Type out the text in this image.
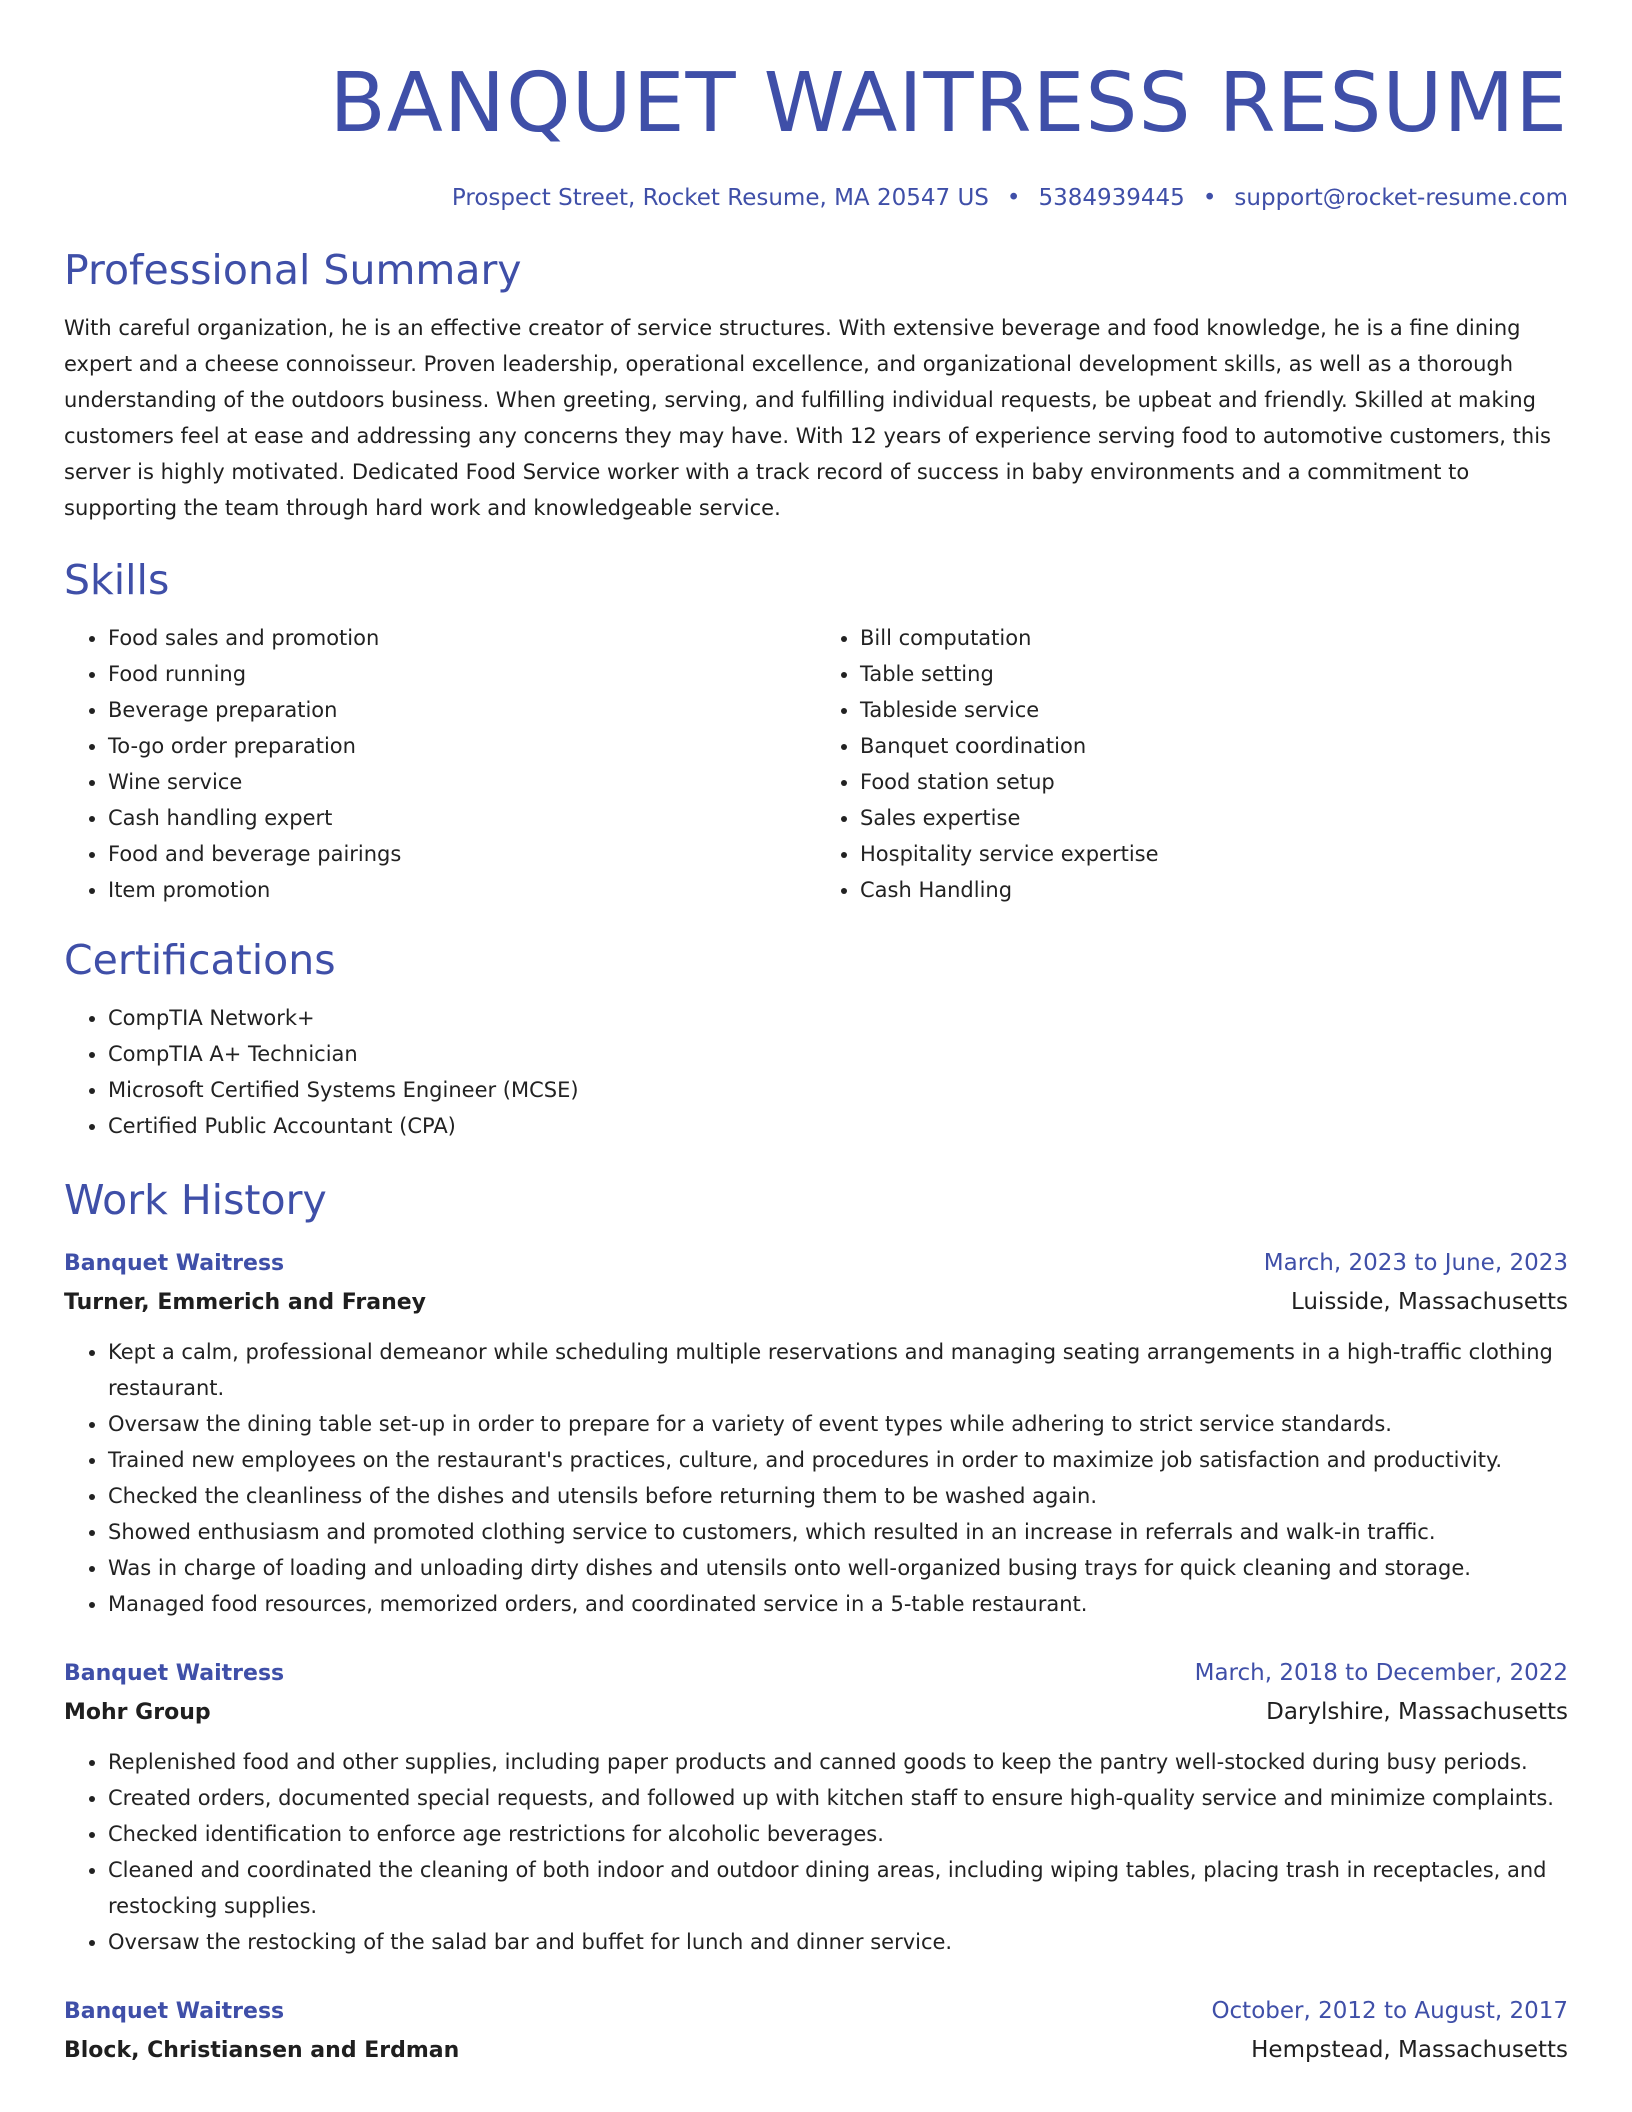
BANQUET WAITRESS RESUME
Prospect Street, Rocket Resume, MA 20547 US • 5384939445 • support@rocket-resume.com
Professional Summary

With careful organization, he is an effective creator of service structures. With extensive beverage and food knowledge, he is a fine dining expert and a cheese connoisseur. Proven leadership, operational excellence, and organizational development skills, as well as a thorough understanding of the outdoors business. When greeting, serving, and fulfilling individual requests, be upbeat and friendly. Skilled at making customers feel at ease and addressing any concerns they may have. With 12 years of experience serving food to automotive customers, this server is highly motivated. Dedicated Food Service worker with a track record of success in baby environments and a commitment to supporting the team through hard work and knowledgeable service.

Skills
• Food sales and promotion
• Food running
• Beverage preparation
• To-go order preparation
• Wine service
• Cash handling expert
• Food and beverage pairings
• Item promotion
• Bill computation
• Table setting
• Tableside service
• Banquet coordination
• Food station setup
• Sales expertise
• Hospitality service expertise
• Cash Handling
Certifications
• CompTIA Network+
• CompTIA A+ Technician
• Microsoft Certified Systems Engineer (MCSE)
• Certified Public Accountant (CPA)
Work History
Banquet Waitress	March, 2023 to June, 2023
Turner, Emmerich and Franey	Luisside, Massachusetts
• Kept a calm, professional demeanor while scheduling multiple reservations and managing seating arrangements in a high-traffic clothing restaurant.
• Oversaw the dining table set-up in order to prepare for a variety of event types while adhering to strict service standards.
• Trained new employees on the restaurant's practices, culture, and procedures in order to maximize job satisfaction and productivity.
• Checked the cleanliness of the dishes and utensils before returning them to be washed again.
• Showed enthusiasm and promoted clothing service to customers, which resulted in an increase in referrals and walk-in traffic.
• Was in charge of loading and unloading dirty dishes and utensils onto well-organized busing trays for quick cleaning and storage.
• Managed food resources, memorized orders, and coordinated service in a 5-table restaurant.
Banquet Waitress	March, 2018 to December, 2022
Mohr Group	Darylshire, Massachusetts
• Replenished food and other supplies, including paper products and canned goods to keep the pantry well-stocked during busy periods.
• Created orders, documented special requests, and followed up with kitchen staff to ensure high-quality service and minimize complaints.
• Checked identification to enforce age restrictions for alcoholic beverages.
• Cleaned and coordinated the cleaning of both indoor and outdoor dining areas, including wiping tables, placing trash in receptacles, and restocking supplies.
• Oversaw the restocking of the salad bar and buffet for lunch and dinner service.
Banquet Waitress	October, 2012 to August, 2017
Block, Christiansen and Erdman	Hempstead, Massachusetts
